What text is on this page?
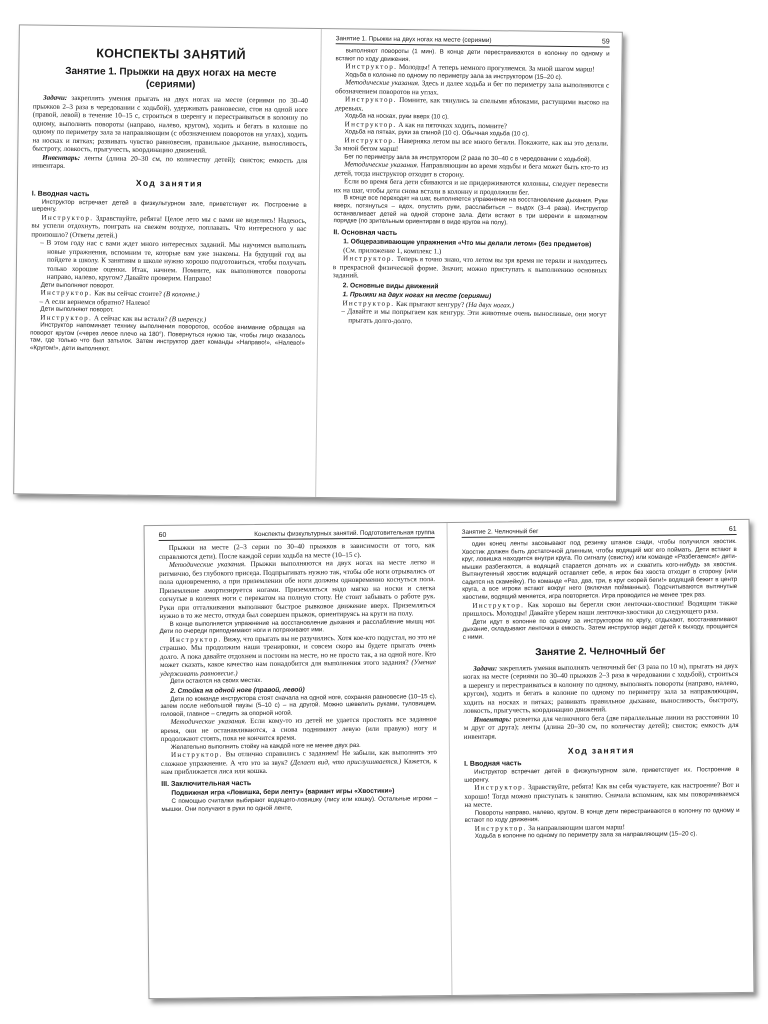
КОНСПЕКТЫ ЗАНЯТИЙ
Занятие 1. Прыжки на двух ногах на месте
(сериями)

Задачи: закреплять умения прыгать на двух ногах на месте (сериями по 30–40 прыжков 2–3 раза в чередовании с ходьбой), удерживать равновесие, стоя на одной ноге (правой, левой) в течение 10–15 с, строиться в шеренгу и перестраиваться в колонну по одному, выполнять повороты (направо, налево, кругом), ходить и бегать в колонне по одному по периметру зала за направляющим (с обозначением поворотов на углах), ходить на носках и пятках; развивать чувство равновесия, правильное дыхание, выносливость, быстроту, ловкость, прыгучесть, координацию движений.

Инвентарь: ленты (длина 20–30 см, по количеству детей); свисток; емкость для инвентаря.

Ход занятия
I. Вводная часть

Инструктор встречает детей в физкультурном зале, приветствует их. Построение в шеренгу.

Инструктор. Здравствуйте, ребята! Целое лето мы с вами не виделись! Надеюсь, вы успели отдохнуть, поиграть на свежем воздухе, поплавать. Что интересного у вас произошло? (Ответы детей.)

– В этом году нас с вами ждет много интересных заданий. Мы научимся выполнять новые упражнения, вспомним те, которые вам уже знакомы. На будущий год вы пойдете в школу. К занятиям в школе нужно хорошо подготовиться, чтобы получать только хорошие оценки. Итак, начнем. Помните, как выполняются повороты направо, налево, кругом? Давайте проверим. Направо!

Дети выполняют поворот.

Инструктор. Как вы сейчас стоите? (В колонне.)

– А если вернемся обратно? Налево!

Дети выполняют поворот.

Инструктор. А сейчас как вы встали? (В шеренгу.)

Инструктор напоминает технику выполнения поворотов, особое внимание обращая на поворот кругом («через левое плечо на 180°). Повернуться нужно так, чтобы лицо оказалось там, где только что был затылок. Затем инструктор дает команды «Направо!», «Налево!» «Кругом!», дети выполняют.

Занятие 1. Прыжки на двух ногах на месте (сериями)	59

выполняют повороты (1 мин). В конце дети перестраиваются в колонну по одному и встают по ходу движения.

Инструктор. Молодцы! А теперь немного прогуляемся. За мной шагом марш!

Ходьба в колонне по одному по периметру зала за инструктором (15–20 с).

Методические указания. Здесь и далее ходьба и бег по периметру зала выполняются с обозначением поворотов на углах.

Инструктор. Помните, как тянулись за спелыми яблоками, растущими высоко на деревьях.

Ходьба на носках, руки вверх (10 с).

Инструктор. А как на пяточках ходить, помните?

Ходьба на пятках, руки за спиной (10 с). Обычная ходьба (10 с).

Инструктор. Наверняка летом вы все много бегали. Покажите, как вы это делали. За мной бегом марш!

Бег по периметру зала за инструктором (2 раза по 30–40 с в чередовании с ходьбой).

Методические указания. Направляющим во время ходьбы и бега может быть кто-то из детей, тогда инструктор отходит в сторону.

Если во время бега дети сбиваются и не придерживаются колонны, следует перевести их на шаг, чтобы дети снова встали в колонну и продолжили бег.

В конце все переходят на шаг, выполняется упражнение на восстановление дыхания. Руки вверх, потянуться – вдох, опустить руки, расслабиться – выдох (3–4 раза). Инструктор останавливает детей на одной стороне зала. Дети встают в три шеренги в шахматном порядке (по зрительным ориентирам в виде кругов на полу).

II. Основная часть
1. Общеразвивающие упражнения «Что мы делали летом» (без предметов)

(См. приложение 1, комплекс 1.)

Инструктор. Теперь я точно знаю, что летом вы зря время не теряли и находитесь в прекрасной физической форме. Значит, можно приступать к выполнению основных заданий.

2. Основные виды движений
1. Прыжки на двух ногах на месте (сериями)

Инструктор. Как прыгают кенгуру? (На двух ногах.)

– Давайте и мы попрыгаем как кенгуру. Эти животные очень выносливые, они могут прыгать долго-долго.

60	Конспекты физкультурных занятий. Подготовительная группа

Прыжки на месте (2–3 серии по 30–40 прыжков в зависимости от того, как справляются дети). После каждой серии ходьба на месте (10–15 с).

Методические указания. Прыжки выполняются на двух ногах на месте легко и ритмично, без глубокого приседа. Подпрыгивать нужно так, чтобы обе ноги отрывались от пола одновременно, а при приземлении обе ноги должны одновременно коснуться пола. Приземление амортизируется ногами. Приземляться надо мягко на носки и слегка согнутые в коленях ноги с перекатом на полную стопу. Не стоит забывать о работе рук. Руки при отталкивании выполняют быстрое рывковое движение вверх. Приземляться нужно в то же место, откуда был совершен прыжок, ориентируясь на круги на полу.

В конце выполняется упражнение на восстановление дыхания и расслабление мышц ног. Дети по очереди приподнимают ноги и потряхивают ими.

Инструктор. Вижу, что прыгать вы не разучились. Хотя кое-кто подустал, но это не страшно. Мы продолжим наши тренировки, и совсем скоро вы будете прыгать очень долго. А пока давайте отдохнем и постоим на месте, но не просто так, а на одной ноге. Кто может сказать, какое качество нам понадобится для выполнения этого задания? (Умение удерживать равновесие.)

Дети остаются на своих местах.

2. Стойка на одной ноге (правой, левой)

Дети по команде инструктора стоят сначала на одной ноге, сохраняя равновесие (10–15 с), затем после небольшой паузы (5–10 с) – на другой. Можно шевелить руками, туловищем, головой, главное – следить за опорной ногой.

Методические указания. Если кому-то из детей не удается простоять все заданное время, они не останавливаются, а снова поднимают левую (или правую) ногу и продолжают стоять, пока не кончится время.

Желательно выполнить стойку на каждой ноге не менее двух раз.

Инструктор. Вы отлично справились с заданием! Не забыли, как выполнять это сложное упражнение. А что это за звук? (Делает вид, что прислушивается.) Кажется, к нам приближается лиса или кошка.

III. Заключительная часть
Подвижная игра «Ловишка, бери ленту» (вариант игры «Хвостики»)

С помощью считалки выбирают водящего-ловишку (лису или кошку). Остальные игроки – мышки. Они получают в руки по одной ленте,

Занятие 2. Челночный бег	61

один конец ленты засовывают под резинку штанов сзади, чтобы получился хвостик. Хвостик должен быть достаточной длинным, чтобы водящий мог его поймать. Дети встают в круг, ловишка находится внутри круга. По сигналу (свистку) или команде «Разбегаемся!» дети-мышки разбегаются, а водящий старается догнать их и схватить кого-нибудь за хвостик. Вытянутенный хвостик водящий оставляет себе, а игрок без хвоста отходит в сторону (или садится на скамейку). По команде «Раз, два, три, в круг скорей беги!» водящий бежит в центр круга, а все игроки встают вокруг него (включая пойманных). Подсчитываются вытянутые хвостики, водящий меняется, игра повторяется. Игра проводится не менее трех раз.

Инструктор. Как хорошо вы берегли свои ленточки-хвостики! Водящим также пришлось. Молодцы! Давайте уберем наши ленточки-хвостики до следующего раза.

Дети идут в колонне по одному за инструктором по кругу, отдыхают, восстанавливают дыхание, складывают ленточки в емкость. Затем инструктор ведет детей к выходу, прощается с ними.

Занятие 2. Челночный бег

Задачи: закреплять умения выполнять челночный бег (3 раза по 10 м), прыгать на двух ногах на месте (сериями по 30–40 прыжков 2–3 раза в чередовании с ходьбой), строиться в шеренгу и перестраиваться в колонну по одному, выполнять повороты (направо, налево, кругом), ходить и бегать в колонне по одному по периметру зала за направляющим, ходить на носках и пятках; развивать правильное дыхание, выносливость, быстроту, ловкость, прыгучесть, координацию движений.

Инвентарь: разметка для челночного бега (две параллельные линии на расстоянии 10 м друг от друга); ленты (длина 20–30 см, по количеству детей); свисток; емкость для инвентаря.

Ход занятия
I. Вводная часть

Инструктор встречает детей в физкультурном зале, приветствует их. Построение в шеренгу.

Инструктор. Здравствуйте, ребята! Как вы себя чувствуете, как настроение? Вот и хорошо! Тогда можно приступать к занятию. Сначала вспомним, как мы поворачиваемся на месте.

Повороты направо, налево, кругом. В конце дети перестраиваются в колонну по одному и встают по ходу движения.

Инструктор. За направляющим шагом марш!

Ходьба в колонне по одному по периметру зала за направляющим (15–20 с).
